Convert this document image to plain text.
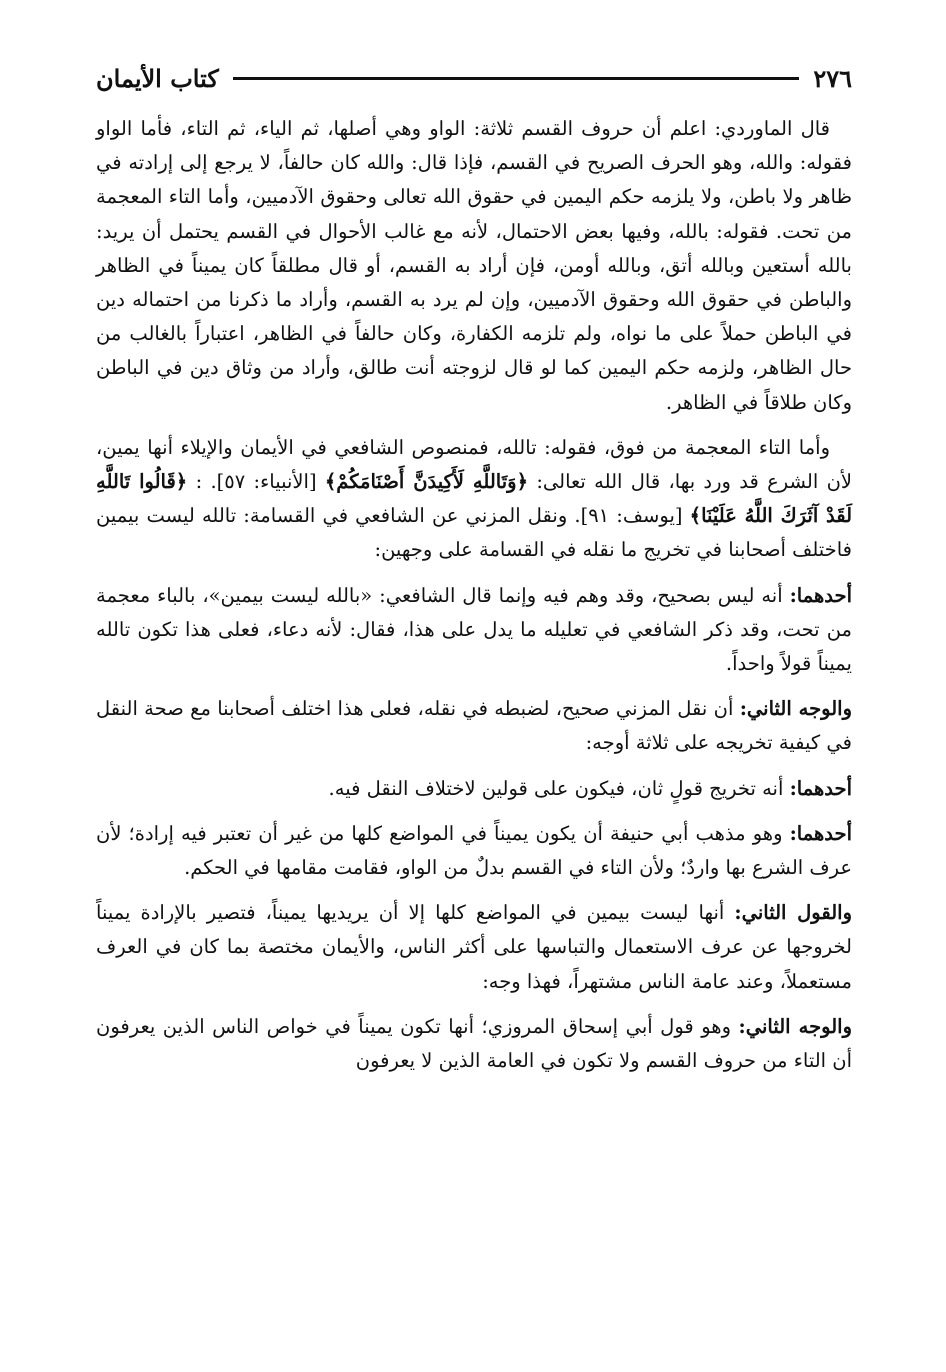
٢٧٦
كتاب الأيمان

قال الماوردي: اعلم أن حروف القسم ثلاثة: الواو وهي أصلها، ثم الياء، ثم التاء، فأما الواو فقوله: والله، وهو الحرف الصريح في القسم، فإذا قال: والله كان حالفاً، لا يرجع إلى إرادته في ظاهر ولا باطن، ولا يلزمه حكم اليمين في حقوق الله تعالى وحقوق الآدميين، وأما التاء المعجمة من تحت. فقوله: بالله، وفيها بعض الاحتمال، لأنه مع غالب الأحوال في القسم يحتمل أن يريد: بالله أستعين وبالله أتق، وبالله أومن، فإن أراد به القسم، أو قال مطلقاً كان يميناً في الظاهر والباطن في حقوق الله وحقوق الآدميين، وإن لم يرد به القسم، وأراد ما ذكرنا من احتماله دين في الباطن حملاً على ما نواه، ولم تلزمه الكفارة، وكان حالفاً في الظاهر، اعتباراً بالغالب من حال الظاهر، ولزمه حكم اليمين كما لو قال لزوجته أنت طالق، وأراد من وثاق دين في الباطن وكان طلاقاً في الظاهر.

وأما التاء المعجمة من فوق، فقوله: تالله، فمنصوص الشافعي في الأيمان والإيلاء أنها يمين، لأن الشرع قد ورد بها، قال الله تعالى: ﴿وَتَاللَّهِ لَأَكِيدَنَّ أَصْنَامَكُمْ﴾ [الأنبياء: ٥٧]. : ﴿قَالُوا تَاللَّهِ لَقَدْ آثَرَكَ اللَّهُ عَلَيْنَا﴾ [يوسف: ٩١]. ونقل المزني عن الشافعي في القسامة: تالله ليست بيمين فاختلف أصحابنا في تخريج ما نقله في القسامة على وجهين:

أحدهما: أنه ليس بصحيح، وقد وهم فيه وإنما قال الشافعي: «بالله ليست بيمين»، بالباء معجمة من تحت، وقد ذكر الشافعي في تعليله ما يدل على هذا، فقال: لأنه دعاء، فعلى هذا تكون تالله يميناً قولاً واحداً.

والوجه الثاني: أن نقل المزني صحيح، لضبطه في نقله، فعلى هذا اختلف أصحابنا مع صحة النقل في كيفية تخريجه على ثلاثة أوجه:

أحدهما: أنه تخريج قولٍ ثان، فيكون على قولين لاختلاف النقل فيه.

أحدهما: وهو مذهب أبي حنيفة أن يكون يميناً في المواضع كلها من غير أن تعتبر فيه إرادة؛ لأن عرف الشرع بها واردٌ؛ ولأن التاء في القسم بدلٌ من الواو، فقامت مقامها في الحكم.

والقول الثاني: أنها ليست بيمين في المواضع كلها إلا أن يريديها يميناً، فتصير بالإرادة يميناً لخروجها عن عرف الاستعمال والتباسها على أكثر الناس، والأيمان مختصة بما كان في العرف مستعملاً، وعند عامة الناس مشتهراً، فهذا وجه:

والوجه الثاني: وهو قول أبي إسحاق المروزي؛ أنها تكون يميناً في خواص الناس الذين يعرفون أن التاء من حروف القسم ولا تكون في العامة الذين لا يعرفون
